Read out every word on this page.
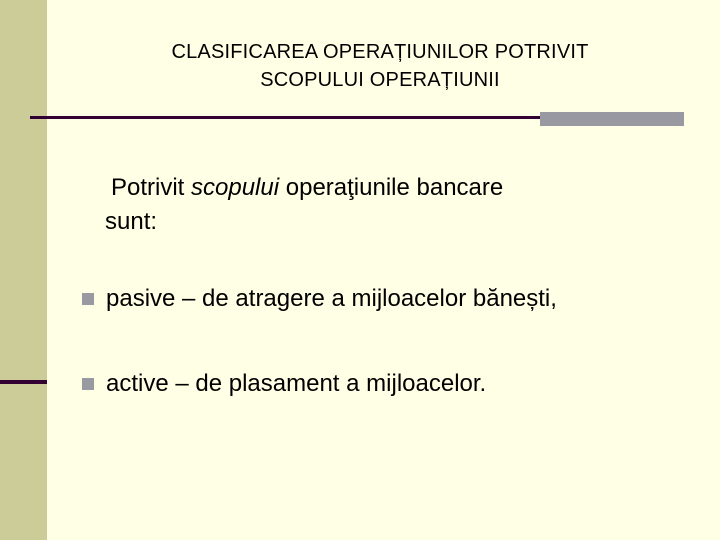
CLASIFICAREA OPERAȚIUNILOR POTRIVIT
SCOPULUI OPERAȚIUNII
Potrivit scopului operaţiunile bancare
sunt:
pasive – de atragere a mijloacelor bănești,
active – de plasament a mijloacelor.
